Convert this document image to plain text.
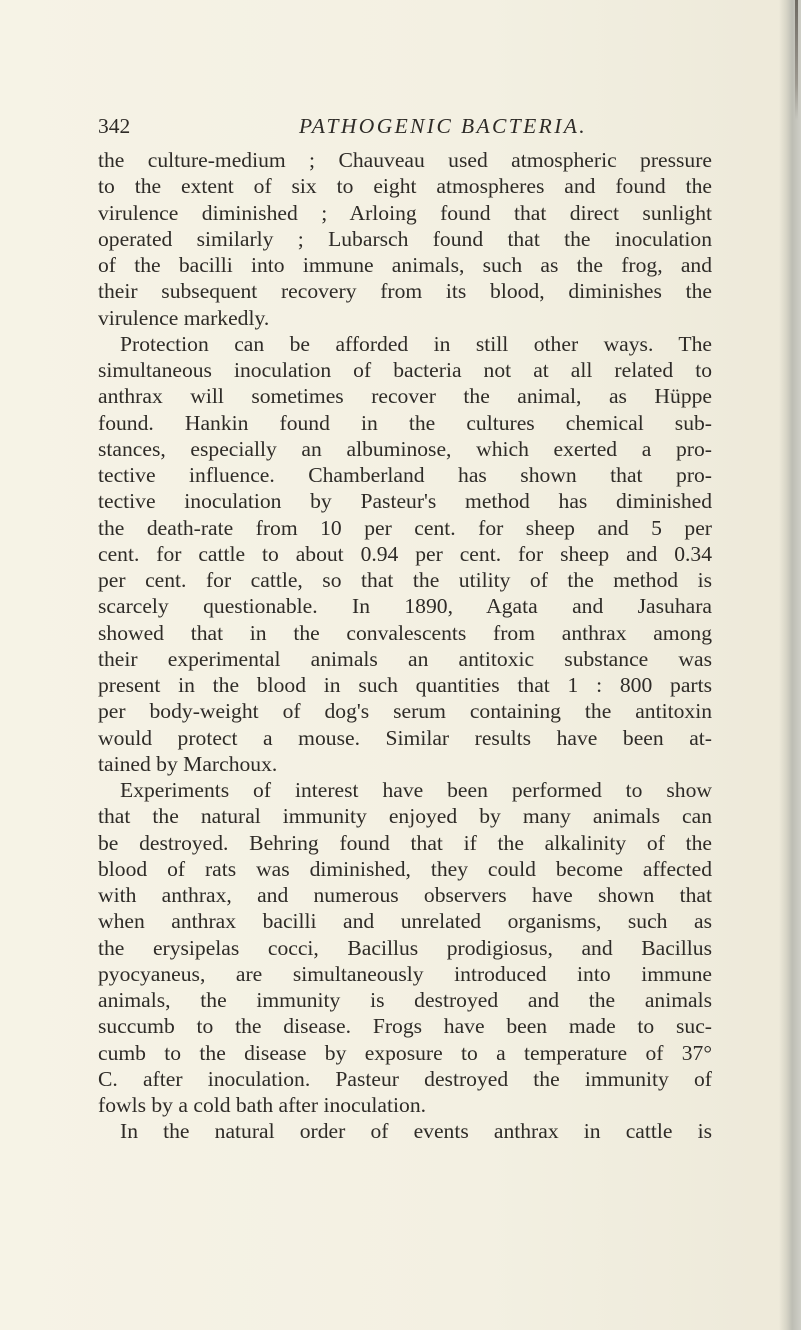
342	PATHOGENIC BACTERIA.
the culture-medium ; Chauveau used atmospheric pressure
to the extent of six to eight atmospheres and found the
virulence diminished ; Arloing found that direct sunlight
operated similarly ; Lubarsch found that the inoculation
of the bacilli into immune animals, such as the frog, and
their subsequent recovery from its blood, diminishes the
virulence markedly.
Protection can be afforded in still other ways. The
simultaneous inoculation of bacteria not at all related to
anthrax will sometimes recover the animal, as Hüppe
found. Hankin found in the cultures chemical sub-
stances, especially an albuminose, which exerted a pro-
tective influence. Chamberland has shown that pro-
tective inoculation by Pasteur's method has diminished
the death-rate from 10 per cent. for sheep and 5 per
cent. for cattle to about 0.94 per cent. for sheep and 0.34
per cent. for cattle, so that the utility of the method is
scarcely questionable. In 1890, Agata and Jasuhara
showed that in the convalescents from anthrax among
their experimental animals an antitoxic substance was
present in the blood in such quantities that 1 : 800 parts
per body-weight of dog's serum containing the antitoxin
would protect a mouse. Similar results have been at-
tained by Marchoux.
Experiments of interest have been performed to show
that the natural immunity enjoyed by many animals can
be destroyed. Behring found that if the alkalinity of the
blood of rats was diminished, they could become affected
with anthrax, and numerous observers have shown that
when anthrax bacilli and unrelated organisms, such as
the erysipelas cocci, Bacillus prodigiosus, and Bacillus
pyocyaneus, are simultaneously introduced into immune
animals, the immunity is destroyed and the animals
succumb to the disease. Frogs have been made to suc-
cumb to the disease by exposure to a temperature of 37°
C. after inoculation. Pasteur destroyed the immunity of
fowls by a cold bath after inoculation.
In the natural order of events anthrax in cattle is
